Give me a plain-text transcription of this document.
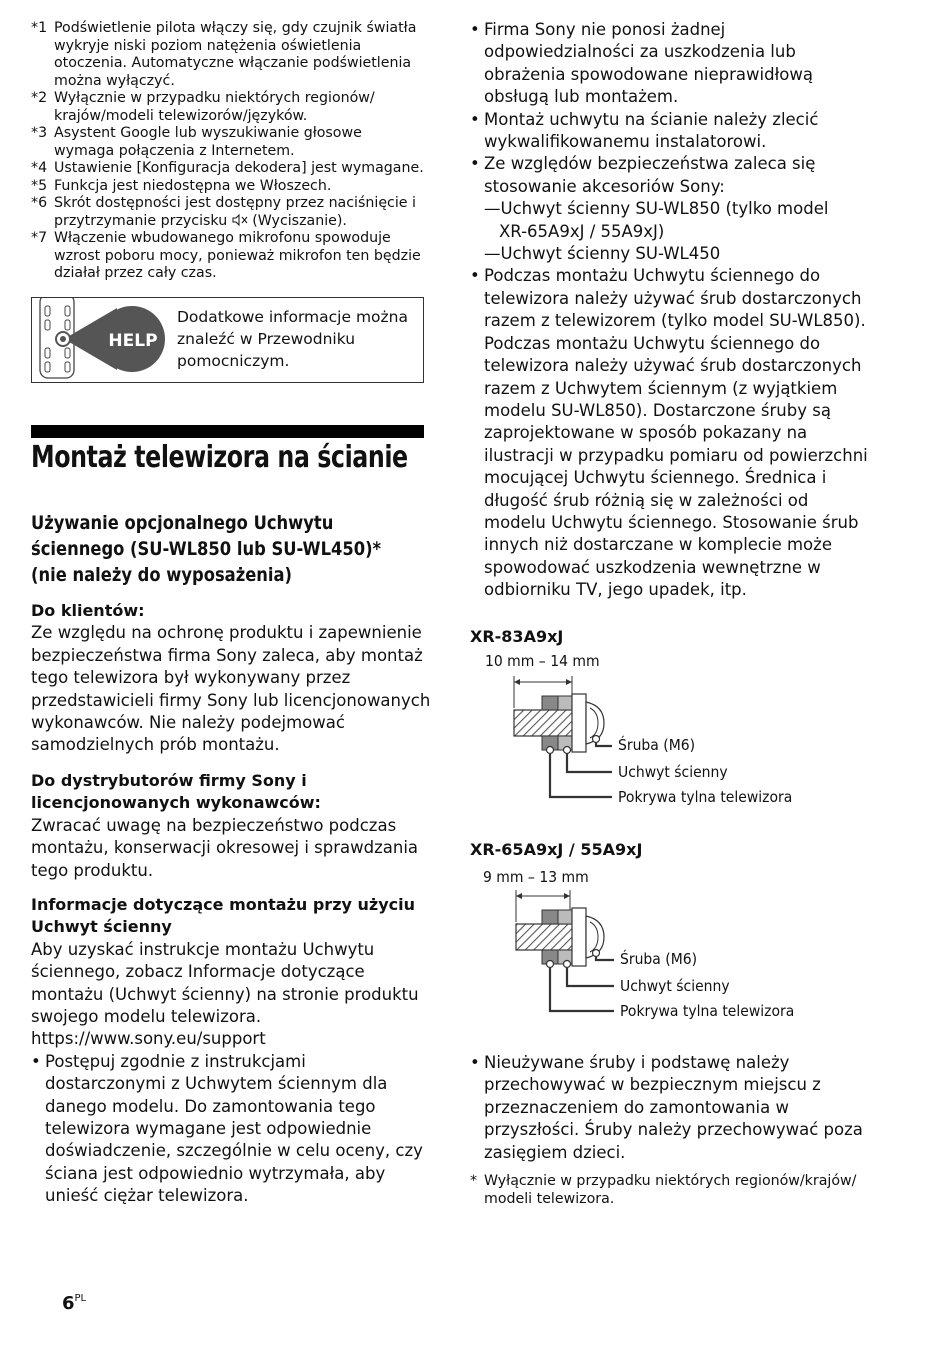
*1 Podświetlenie pilota włączy się, gdy czujnik światła wykryje niski poziom natężenia oświetlenia otoczenia. Automatyczne włączanie podświetlenia można wyłączyć.
*2 Wyłącznie w przypadku niektórych regionów/ krajów/modeli telewizorów/języków.
*3 Asystent Google lub wyszukiwanie głosowe wymaga połączenia z Internetem.
*4 Ustawienie [Konfiguracja dekodera] jest wymagane.
*5 Funkcja jest niedostępna we Włoszech.
*6 Skrót dostępności jest dostępny przez naciśnięcie i przytrzymanie przycisku  (Wyciszanie).
*7 Włączenie wbudowanego mikrofonu spowoduje wzrost poboru mocy, ponieważ mikrofon ten będzie działał przez cały czas.
HELP
Dodatkowe informacje można znaleźć w Przewodniku pomocniczym.
Montaż telewizora na ścianie
Używanie opcjonalnego Uchwytu ściennego (SU-WL850 lub SU-WL450)* (nie należy do wyposażenia)
Do klientów:
Ze względu na ochronę produktu i zapewnienie bezpieczeństwa firma Sony zaleca, aby montaż tego telewizora był wykonywany przez przedstawicieli firmy Sony lub licencjonowanych wykonawców. Nie należy podejmować samodzielnych prób montażu.
Do dystrybutorów firmy Sony i licencjonowanych wykonawców:
Zwracać uwagę na bezpieczeństwo podczas montażu, konserwacji okresowej i sprawdzania tego produktu.
Informacje dotyczące montażu przy użyciu Uchwyt ścienny
Aby uzyskać instrukcje montażu Uchwytu ściennego, zobacz Informacje dotyczące montażu (Uchwyt ścienny) na stronie produktu swojego modelu telewizora.
https://www.sony.eu/support
• Postępuj zgodnie z instrukcjami dostarczonymi z Uchwytem ściennym dla danego modelu. Do zamontowania tego telewizora wymagane jest odpowiednie doświadczenie, szczególnie w celu oceny, czy ściana jest odpowiednio wytrzymała, aby unieść ciężar telewizora.
$6^{PL}$
• Firma Sony nie ponosi żadnej odpowiedzialności za uszkodzenia lub obrażenia spowodowane nieprawidłową obsługą lub montażem.
• Montaż uchwytu na ścianie należy zlecić wykwalifikowanemu instalatorowi.
• Ze względów bezpieczeństwa zaleca się stosowanie akcesoriów Sony:
—Uchwyt ścienny SU-WL850 (tylko model
XR-65A9xJ / 55A9xJ)
—Uchwyt ścienny SU-WL450
• Podczas montażu Uchwytu ściennego do telewizora należy używać śrub dostarczonych razem z telewizorem (tylko model SU-WL850). Podczas montażu Uchwytu ściennego do telewizora należy używać śrub dostarczonych razem z Uchwytem ściennym (z wyjątkiem modelu SU-WL850). Dostarczone śruby są zaprojektowane w sposób pokazany na ilustracji w przypadku pomiaru od powierzchni mocującej Uchwytu ściennego. Średnica i długość śrub różnią się w zależności od modelu Uchwytu ściennego. Stosowanie śrub innych niż dostarczane w komplecie może spowodować uszkodzenia wewnętrzne w odbiorniku TV, jego upadek, itp.
XR-83A9xJ
10 mm – 14 mm
Śruba (M6)
Uchwyt ścienny
Pokrywa tylna telewizora
XR-65A9xJ / 55A9xJ
9 mm – 13 mm
Śruba (M6)
Uchwyt ścienny
Pokrywa tylna telewizora
• Nieużywane śruby i podstawę należy przechowywać w bezpiecznym miejscu z przeznaczeniem do zamontowania w przyszłości. Śruby należy przechowywać poza zasięgiem dzieci.
* Wyłącznie w przypadku niektórych regionów/krajów/ modeli telewizora.
